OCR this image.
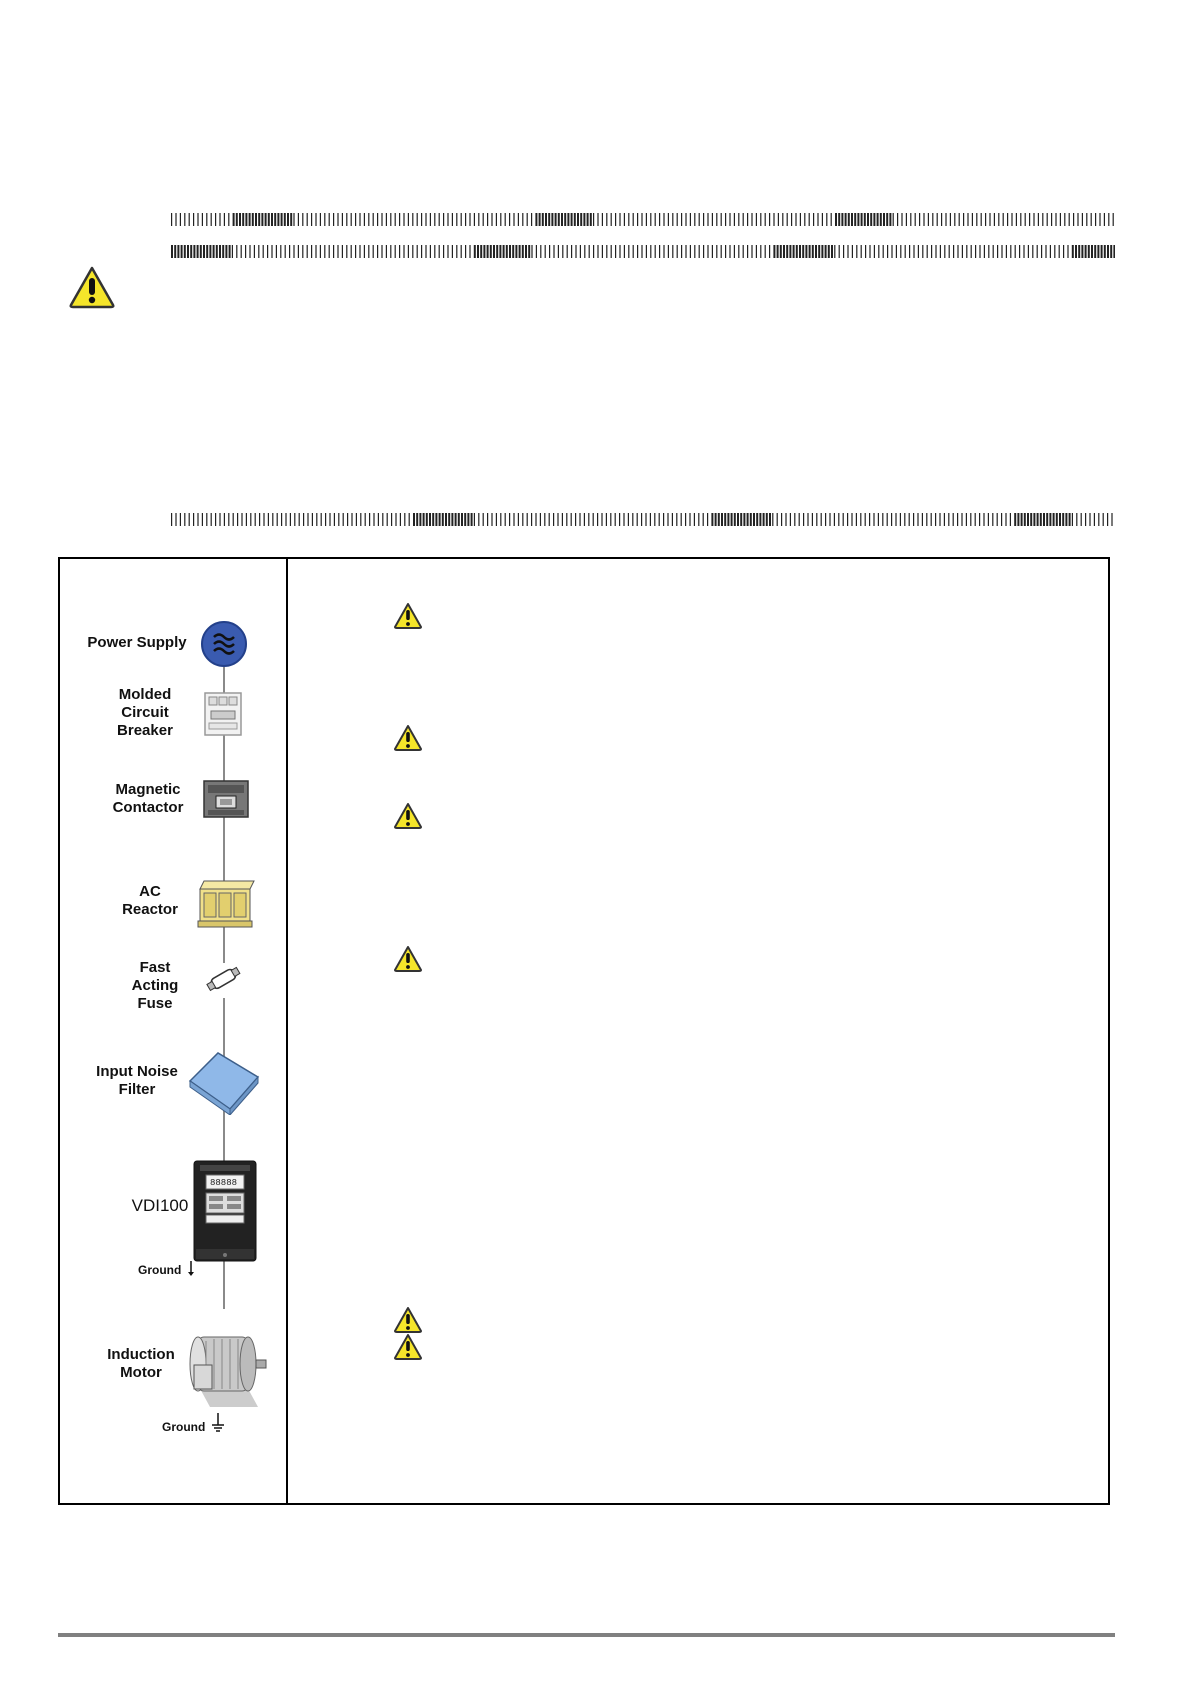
Power Supply
Molded
Circuit
Breaker
Magnetic
Contactor
AC
Reactor
Fast
Acting
Fuse
Input Noise
Filter
VDI100
88888
Ground
Induction
Motor
Ground
